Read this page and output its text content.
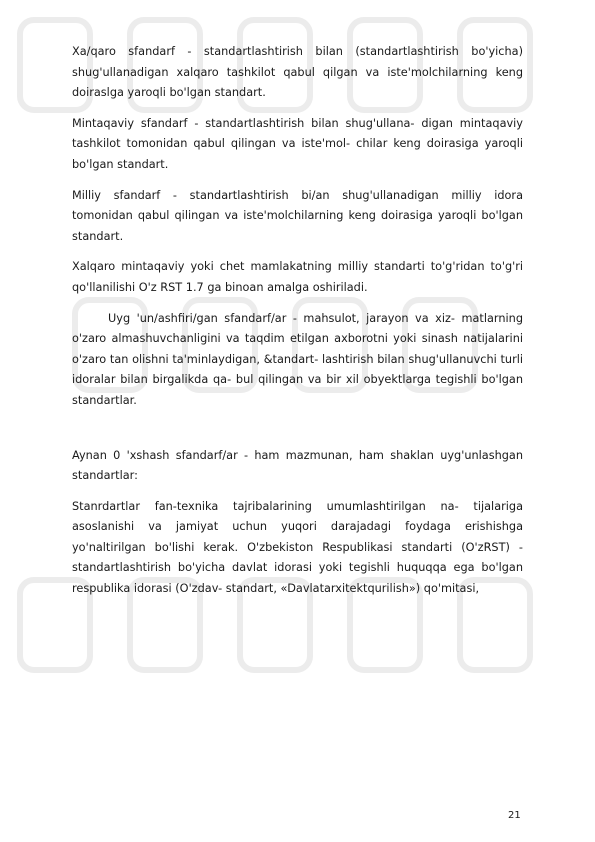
Xa/qaro sfandarf - standartlashtirish bilan (standartlashtirish bo'yicha) shug'ullanadigan xalqaro tashkilot qabul qilgan va iste'molchilarning keng doiraslga yaroqli bo'lgan standart.

Mintaqaviy sfandarf - standartlashtirish bilan shug'ullana- digan mintaqaviy tashkilot tomonidan qabul qilingan va iste'mol- chilar keng doirasiga yaroqli bo'lgan standart.

Milliy sfandarf - standartlashtirish bi/an shug'ullanadigan milliy idora tomonidan qabul qilingan va iste'molchilarning keng doirasiga yaroqli bo'lgan standart.

Xalqaro mintaqaviy yoki chet mamlakatning milliy standarti to'g'ridan to'g'ri qo'llanilishi O'z RST 1.7 ga binoan amalga oshiriladi.

Uyg 'un/ashfiri/gan sfandarf/ar - mahsulot, jarayon va xiz- matlarning o'zaro almashuvchanligini va taqdim etilgan axborotni yoki sinash natijalarini o'zaro tan olishni ta'minlaydigan, &tandart- lashtirish bilan shug'ullanuvchi turli idoralar bilan birgalikda qa- bul qilingan va bir xil obyektlarga tegishli bo'lgan standartlar.

Aynan 0 'xshash sfandarf/ar - ham mazmunan, ham shaklan uyg'unlashgan standartlar:

Stanrdartlar fan-texnika tajribalarining umumlashtirilgan na- tijalariga asoslanishi va jamiyat uchun yuqori darajadagi foydaga erishishga yo'naltirilgan bo'lishi kerak. O'zbekiston Respublikasi standarti (O'zRST) - standartlashtirish bo'yicha davlat idorasi yoki tegishli huquqqa ega bo'lgan respublika idorasi (O'zdav- standart, «Davlatarxitektqurilish») qo'mitasi,

21
